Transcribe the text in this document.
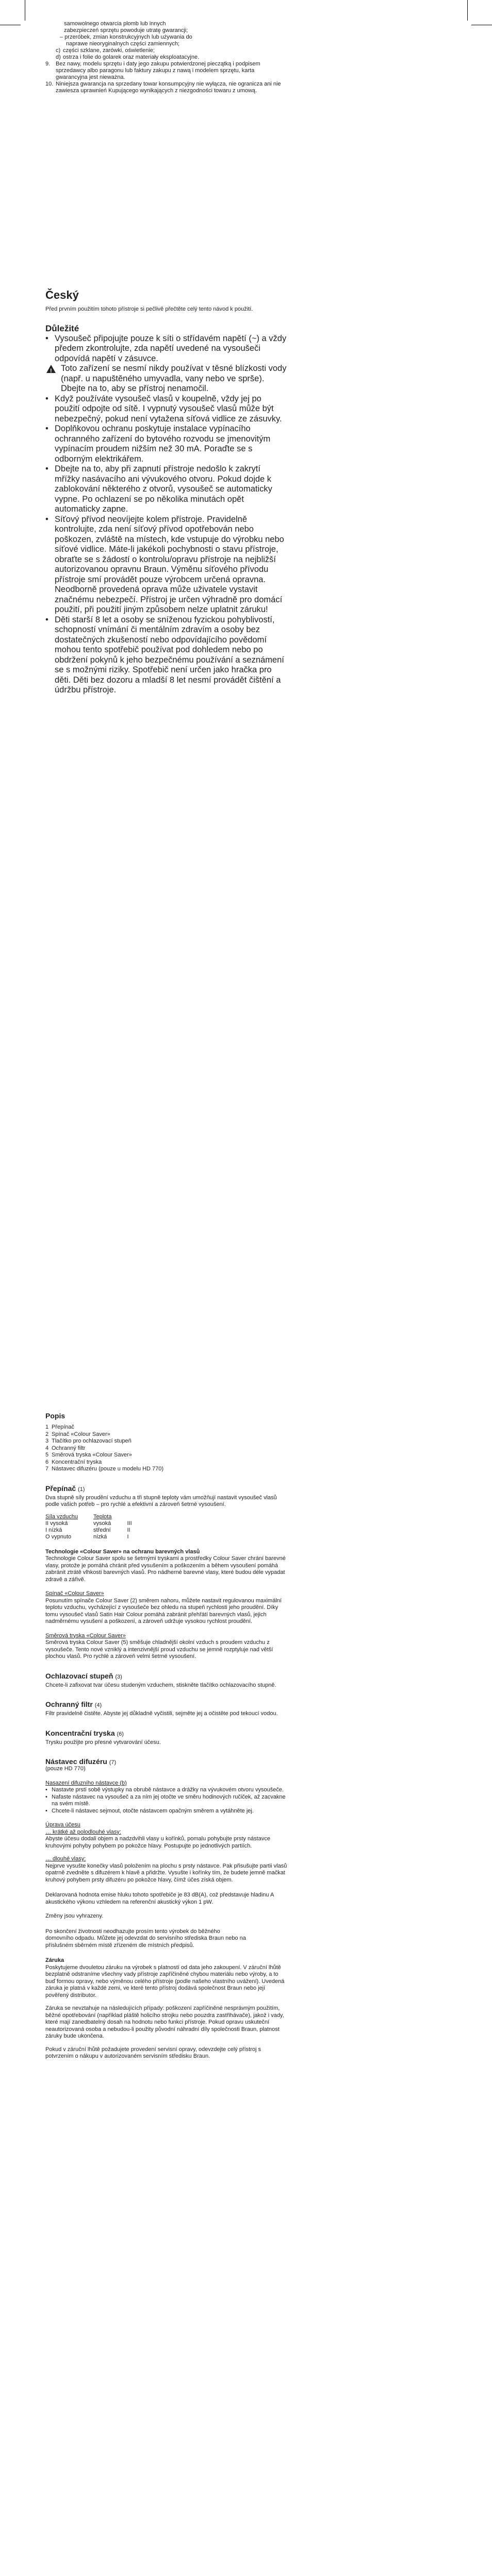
samowolnego otwarcia plomb lub innych
zabezpieczeń sprzętu powoduje utratę gwarancji;
– przeróbek, zmian konstrukcyjnych lub używania do
naprawe nieoryginalnych części zamiennych;
c) części szklane, zarówki, oświetlenie;
d) ostrza i folie do golarek oraz materiały eksploatacyjne.
9. Bez nawy, modelu sprzętu i daty jego zakupu potwierdzonej pieczątką i podpisem sprzedawcy albo paragonu lub faktury zakupu z nawą i modelem sprzętu, karta gwarancyjna jest nieważna.
10. Niniejsza gwarancja na sprzedany towar konsumpcyjny nie wyłącza, nie ogranicza ani nie zawiesza uprawnień Kupującego wynikających z niezgodności towaru z umową.
Český

Před prvním použitím tohoto přístroje si pečlivě přečtěte celý tento návod k použití.

Důležité
• Vysoušeč připojujte pouze k síti o střídavém napětí (~) a vždy předem zkontrolujte, zda napětí uvedené na vysoušeči odpovídá napětí v zásuvce.
!
Toto zařízení se nesmí nikdy používat v těsné blízkosti vody (např. u napuštěného umyvadla, vany nebo ve sprše). Dbejte na to, aby se přístroj nenamočil.
• Když používáte vysoušeč vlasů v koupelně, vždy jej po použití odpojte od sítě. I vypnutý vysoušeč vlasů může být nebezpečný, pokud není vytažena síťová vidlice ze zásuvky.
• Doplňkovou ochranu poskytuje instalace vypínacího ochranného zařízení do bytového rozvodu se jmenovitým vypínacím proudem nižším než 30 mA. Poraďte se s odborným elektrikářem.
• Dbejte na to, aby při zapnutí přístroje nedošlo k zakrytí mřížky nasávacího ani vývukového otvoru. Pokud dojde k zablokování některého z otvorů, vysoušeč se automaticky vypne. Po ochlazení se po několika minutách opět automaticky zapne.
• Síťový přívod neovíjejte kolem přístroje. Pravidelně kontrolujte, zda není síťový přívod opotřebován nebo poškozen, zvláště na místech, kde vstupuje do výrobku nebo síťové vidlice. Máte-li jakékoli pochybnosti o stavu přístroje, obraťte se s žádostí o kontrolu/opravu přístroje na nejbližší autorizovanou opravnu Braun. Výměnu síťového přívodu přístroje smí provádět pouze výrobcem určená opravna. Neodborně provedená oprava může uživatele vystavit značnému nebezpečí. Přístroj je určen výhradně pro domácí použití, při použití jiným způsobem nelze uplatnit záruku!
• Děti starší 8 let a osoby se sníženou fyzickou pohyblivostí, schopností vnímání či mentálním zdravím a osoby bez dostatečných zkušeností nebo odpovídajícího povědomí mohou tento spotřebič používat pod dohledem nebo po obdržení pokynů k jeho bezpečnému používání a seznámení se s možnými riziky. Spotřebič není určen jako hračka pro děti. Děti bez dozoru a mladší 8 let nesmí provádět čištění a údržbu přístroje.
Popis
1 Přepínač
2 Spínač «Colour Saver»
3 Tlačítko pro ochlazovací stupeň
4 Ochranný filtr
5 Směrová tryska «Colour Saver»
6 Koncentrační tryska
7 Nástavec difuzéru (pouze u modelu HD 770)
Přepínač (1)

Dva stupně síly proudění vzduchu a tři stupně teploty vám umožňují nastavit vysoušeč vlasů podle vašich potřeb – pro rychlé a efektivní a zároveň šetrné vysoušení.

Síla vzduchu	Teplota	
II vysoká	vysoká	III
I nízká	střední	II
O vypnuto	nízká	I

Technologie «Colour Saver» na ochranu barevných vlasů

Technologie Colour Saver spolu se šetrnými tryskami a prostředky Colour Saver chrání barevné vlasy, protože je pomáhá chránit před vysušením a poškozením a během vysoušení pomáhá zabránit ztrátě vlhkosti barevných vlasů. Pro nádherné barevné vlasy, které budou déle vypadat zdravě a zářivě.

Spínač «Colour Saver»

Posunutím spínače Colour Saver (2) směrem nahoru, můžete nastavit regulovanou maximální teplotu vzduchu, vycházející z vysoušeče bez ohledu na stupeň rychlosti jeho proudění. Díky tomu vysoušeč vlasů Satin Hair Colour pomáhá zabránit přehřátí barevných vlasů, jejich nadměrnému vysušení a poškození, a zároveň udržuje vysokou rychlost proudění.

Směrová tryska «Colour Saver»

Směrová tryska Colour Saver (5) směšuje chladnější okolní vzduch s proudem vzduchu z vysoušeče. Tento nové vzniklý a intenzivnější proud vzduchu se jemně rozptyluje nad větší plochou vlasů. Pro rychlé a zároveň velmi šetrné vysoušení.

Ochlazovací stupeň (3)

Chcete-li zafixovat tvar účesu studeným vzduchem, stiskněte tlačítko ochlazovacího stupně.

Ochranný filtr (4)

Filtr pravidelně čistěte. Abyste jej důkladně vyčistili, sejměte jej a očistěte pod tekoucí vodou.

Koncentrační tryska (6)

Trysku použijte pro přesné vytvarování účesu.

Nástavec difuzéru (7)

(pouze HD 770)

Nasazení difuzního nástavce (b)

• Nastavte prstí sobě výstupky na obrubě nástavce a drážky na vývukovém otvoru vysoušeče.
• Nafaste nástavec na vysoušeč a za ním jej otočte ve směru hodinových ručiček, až zacvakne na svém místě.
• Chcete-li nástavec sejmout, otočte nástavcem opačným směrem a vytáhněte jej.

Úprava účesu

… krátké až polodlouhé vlasy:

Abyste účesu dodali objem a nadzdvihli vlasy u kořínků, pomalu pohybujte prsty nástavce kruhovými pohyby pohybem po pokožce hlavy. Postupujte po jednotlivých partiích.

… dlouhé vlasy:

Nejprve vysušte konečky vlasů položením na plochu s prsty nástavce. Pak přisušujte partii vlasů opatrně zvedněte s difuzérem k hlavě a přidržte. Vysušte i kořínky tím, že budete jemně mačkat kruhový pohybem prsty difuzéru po pokožce hlavy, čímž účes získá objem.

Deklarovaná hodnota emise hluku tohoto spotřebiče je 83 dB(A), což představuje hladinu A akustického výkonu vzhledem na referenční akustický výkon 1 pW.

Změny jsou vyhrazeny.

Po skončení životnosti neodhazujte prosím tento výrobek do běžného domovního odpadu. Můžete jej odevzdat do servisního střediska Braun nebo na příslušném sběrném místě zřízeném dle místních předpisů.

Záruka

Poskytujeme dvouletou záruku na výrobek s platností od data jeho zakoupení. V záruční lhůtě bezplatně odstraníme všechny vady přístroje zapříčiněné chybou materiálu nebo výroby, a to buď formou opravy, nebo výměnou celého přístroje (podle našeho vlastního uvážení). Uvedená záruka je platná v každé zemi, ve které tento přístroj dodává společnost Braun nebo její pověřený distributor.

Záruka se nevztahuje na následujících případy: poškození zapříčiněné nesprávným použitím, běžné opotřebování (například pláště holicího strojku nebo pouzdra zastřihávače), jakož i vady, které mají zanedbatelný dosah na hodnotu nebo funkci přístroje. Pokud opravu uskuteční neautorizovaná osoba a nebudou-li použity původní náhradní díly společnosti Braun, platnost záruky bude ukončena.

Pokud v záruční lhůtě požadujete provedení servisní opravy, odevzdejte celý přístroj s potvrzením o nákupu v autorizovaném servisním středisku Braun.
